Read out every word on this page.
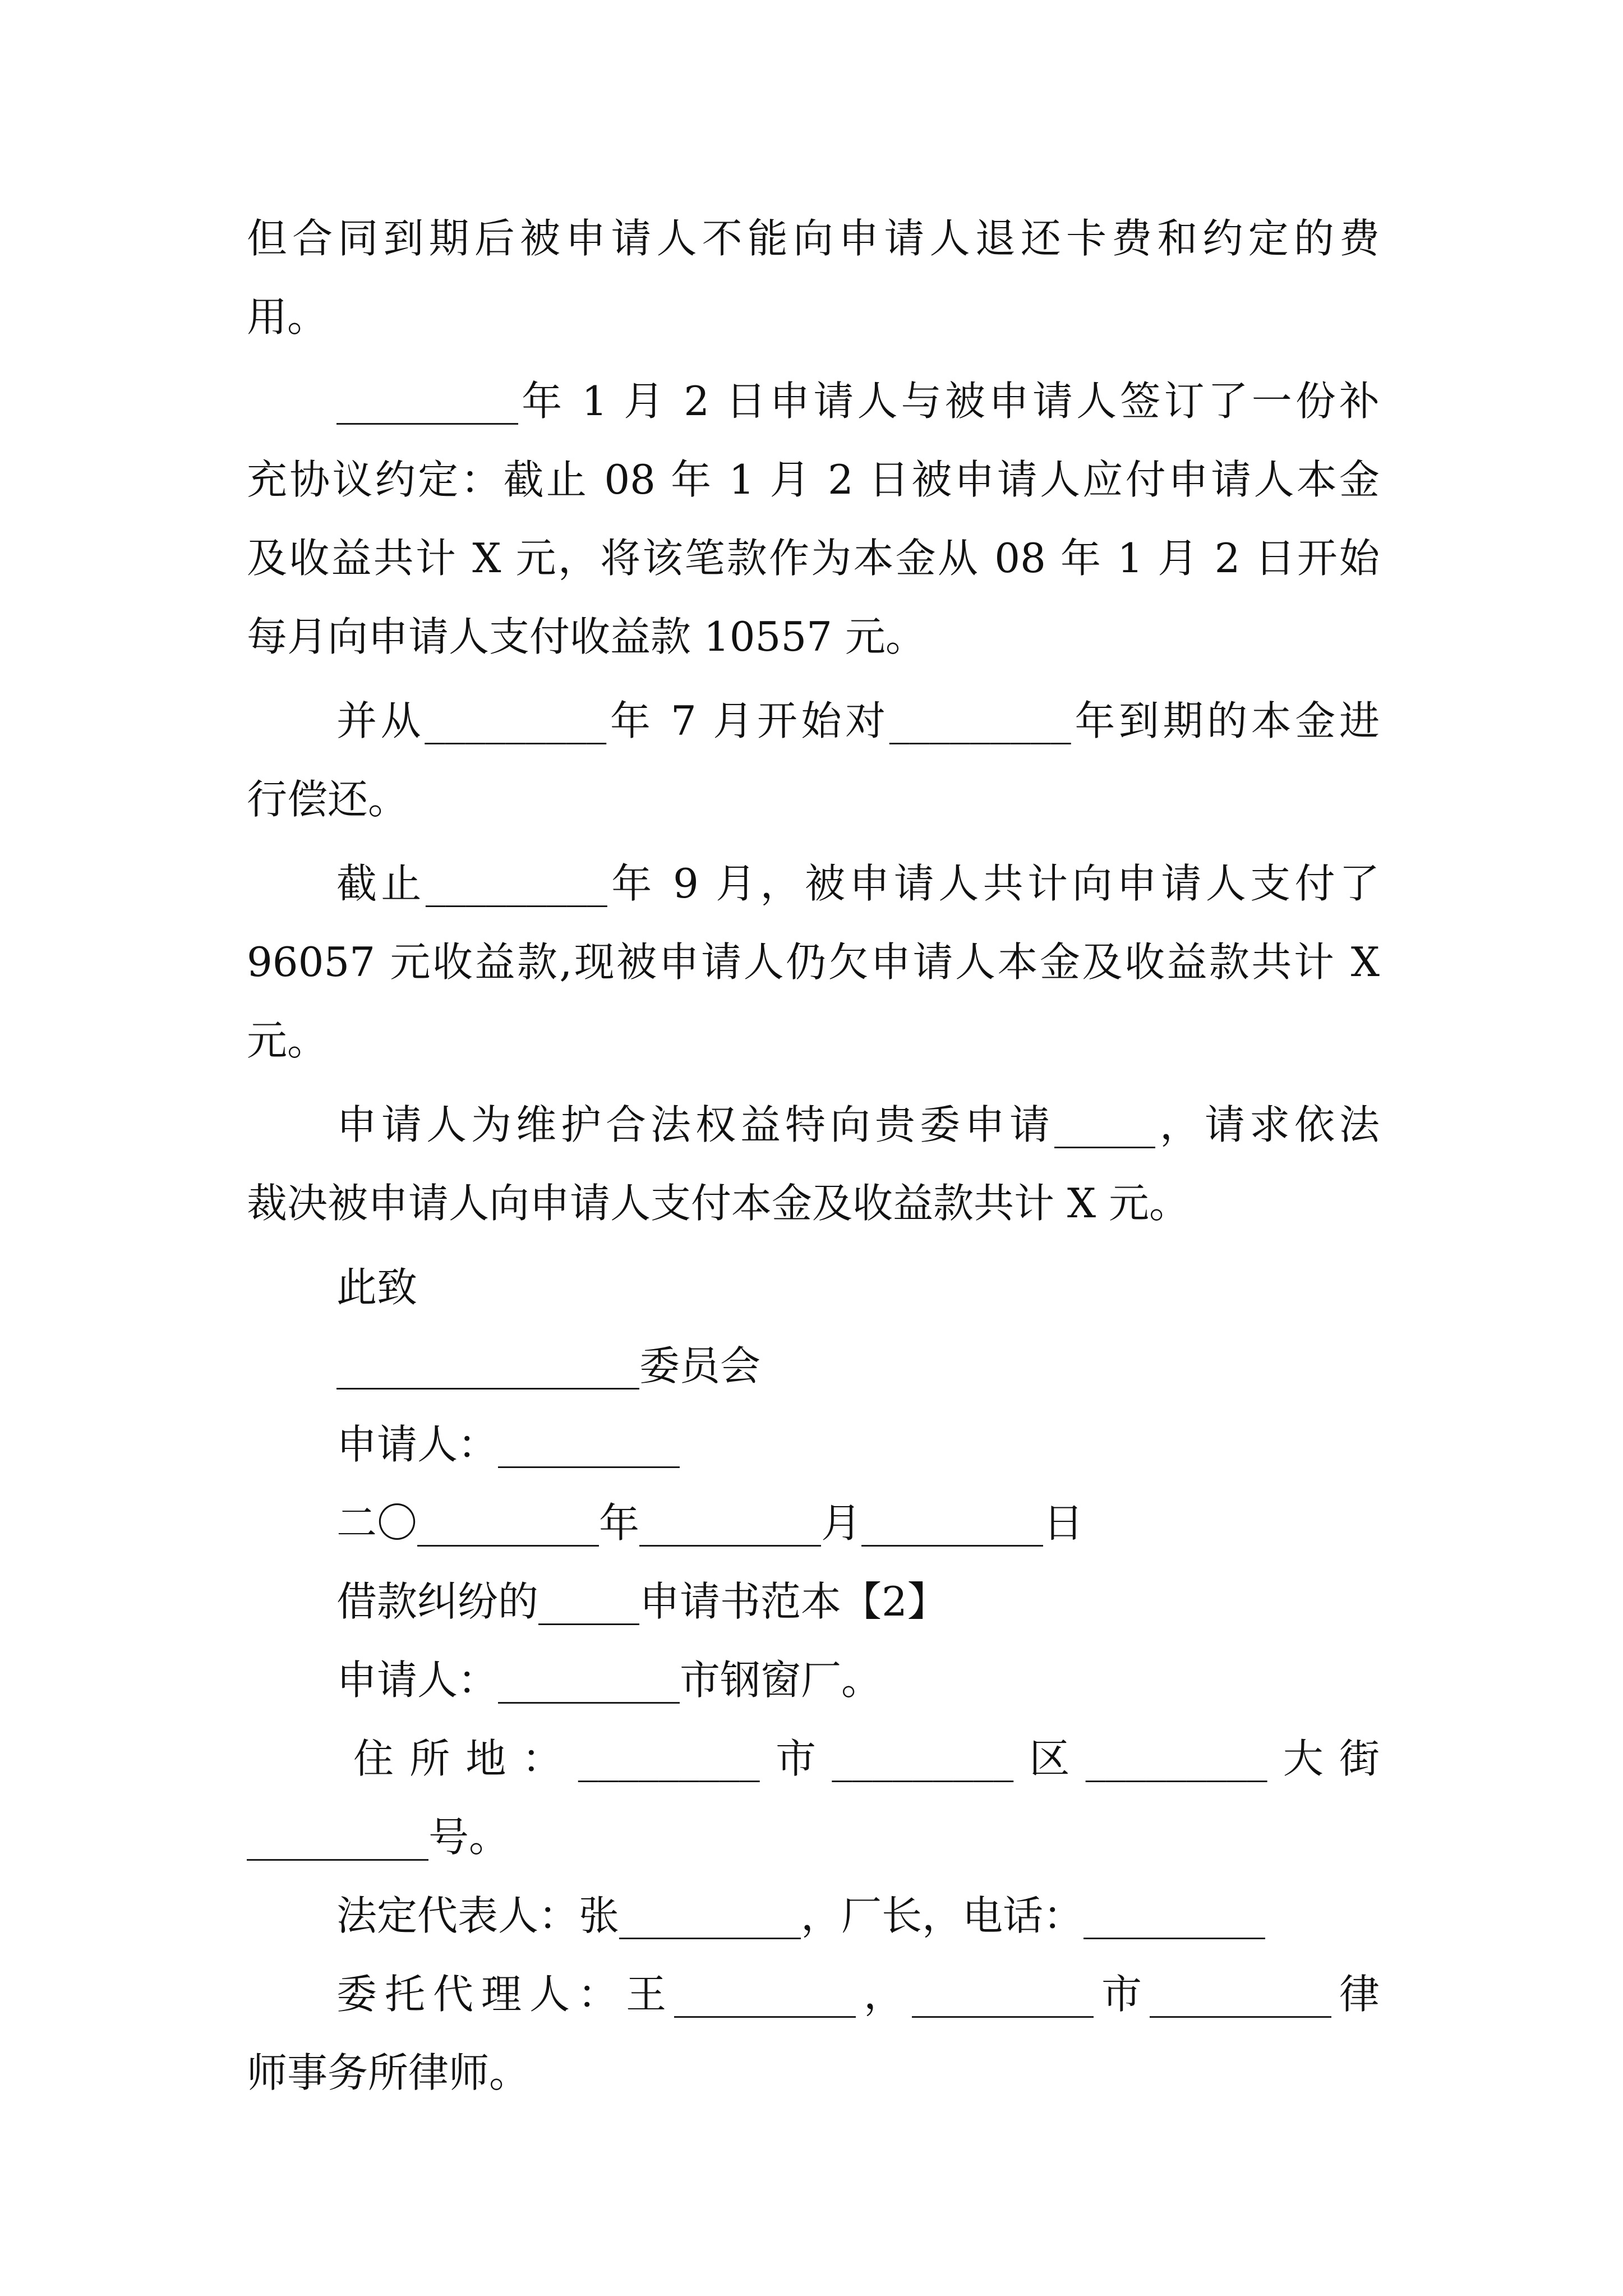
但合同到期后被申请人不能向申请人退还卡费和约定的费
用。
_________年 1 月 2 日申请人与被申请人签订了一份补
充协议约定：截止 08 年 1 月 2 日被申请人应付申请人本金
及收益共计 X 元，将该笔款作为本金从 08 年 1 月 2 日开始
每月向申请人支付收益款 10557 元。
并从_________年 7 月开始对_________年到期的本金进
行偿还。
截止_________年 9 月，被申请人共计向申请人支付了
96057 元收益款,现被申请人仍欠申请人本金及收益款共计 X
元。
申请人为维护合法权益特向贵委申请_____，请求依法
裁决被申请人向申请人支付本金及收益款共计 X 元。
此致
_______________委员会
申请人：_________
二〇_________年_________月_________日
借款纠纷的_____申请书范本【2】
申请人：_________市钢窗厂。
住所地：_________市_________区_________大街
_________号。
法定代表人：张_________，厂长，电话：_________
委托代理人：王_________，_________市_________律
师事务所律师。
